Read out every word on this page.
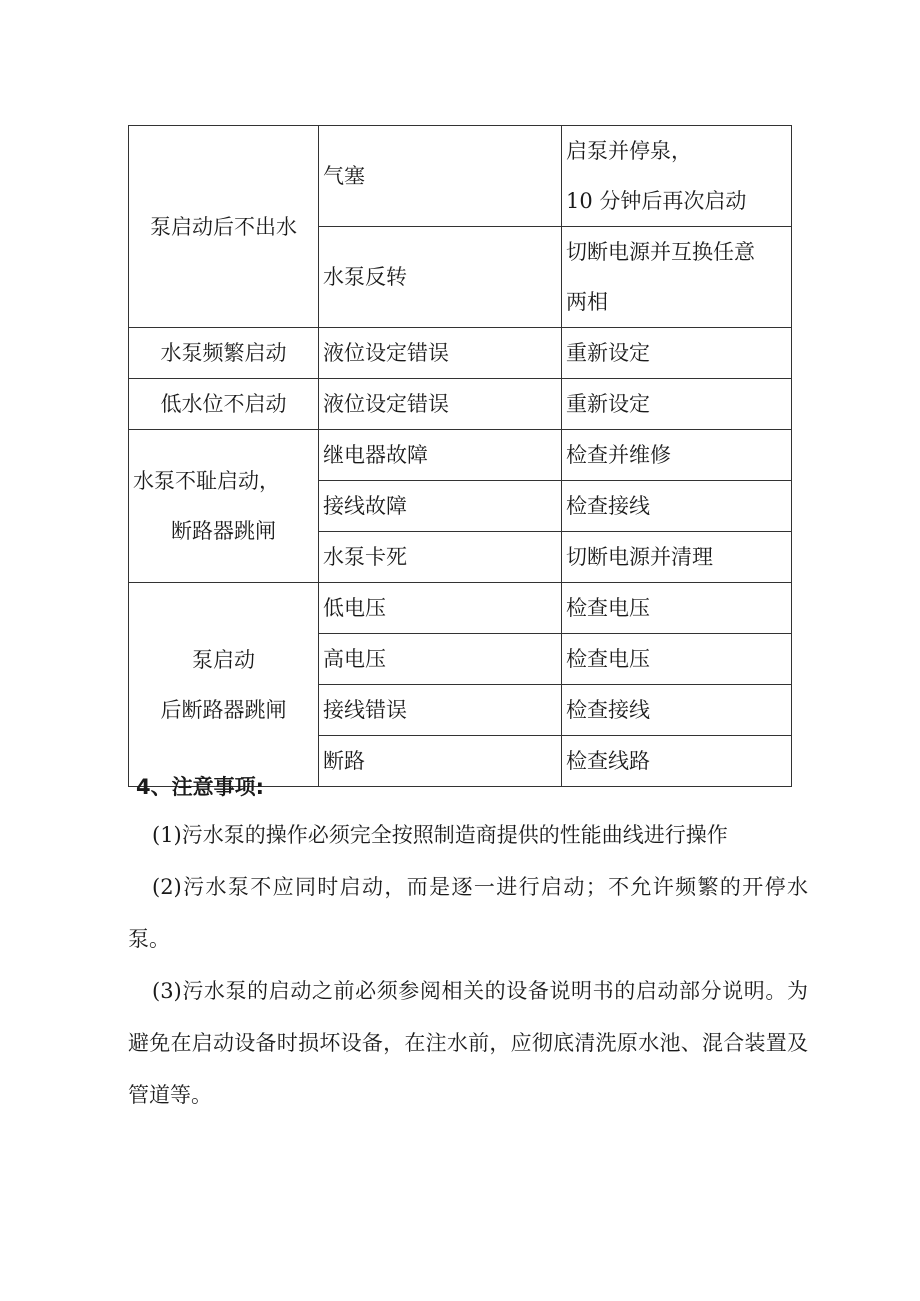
泵启动后不出水	气塞	启泵并停泉，
10 分钟后再次启动

	水泵反转	切断电源并互换任意
两相

水泵频繁启动	液位设定错误	重新设定
低水位不启动	液位设定错误	重新设定

水泵不耻启动，
断路器跳闸	继电器故障	检查并维修
	接线故障	检查接线
	水泵卡死	切断电源并清理

泵启动
后断路器跳闸	低电压	检查电压
	高电压	检查电压
	接线错误	检查接线
	断路	检查线路
4、注意事项:

(1)污水泵的操作必须完全按照制造商提供的性能曲线进行操作

(2)污水泵不应同时启动，而是逐一进行启动；不允许频繁的开停水泵。

(3)污水泵的启动之前必须参阅相关的设备说明书的启动部分说明。为避免在启动设备时损坏设备，在注水前，应彻底清洗原水池、混合装置及管道等。
